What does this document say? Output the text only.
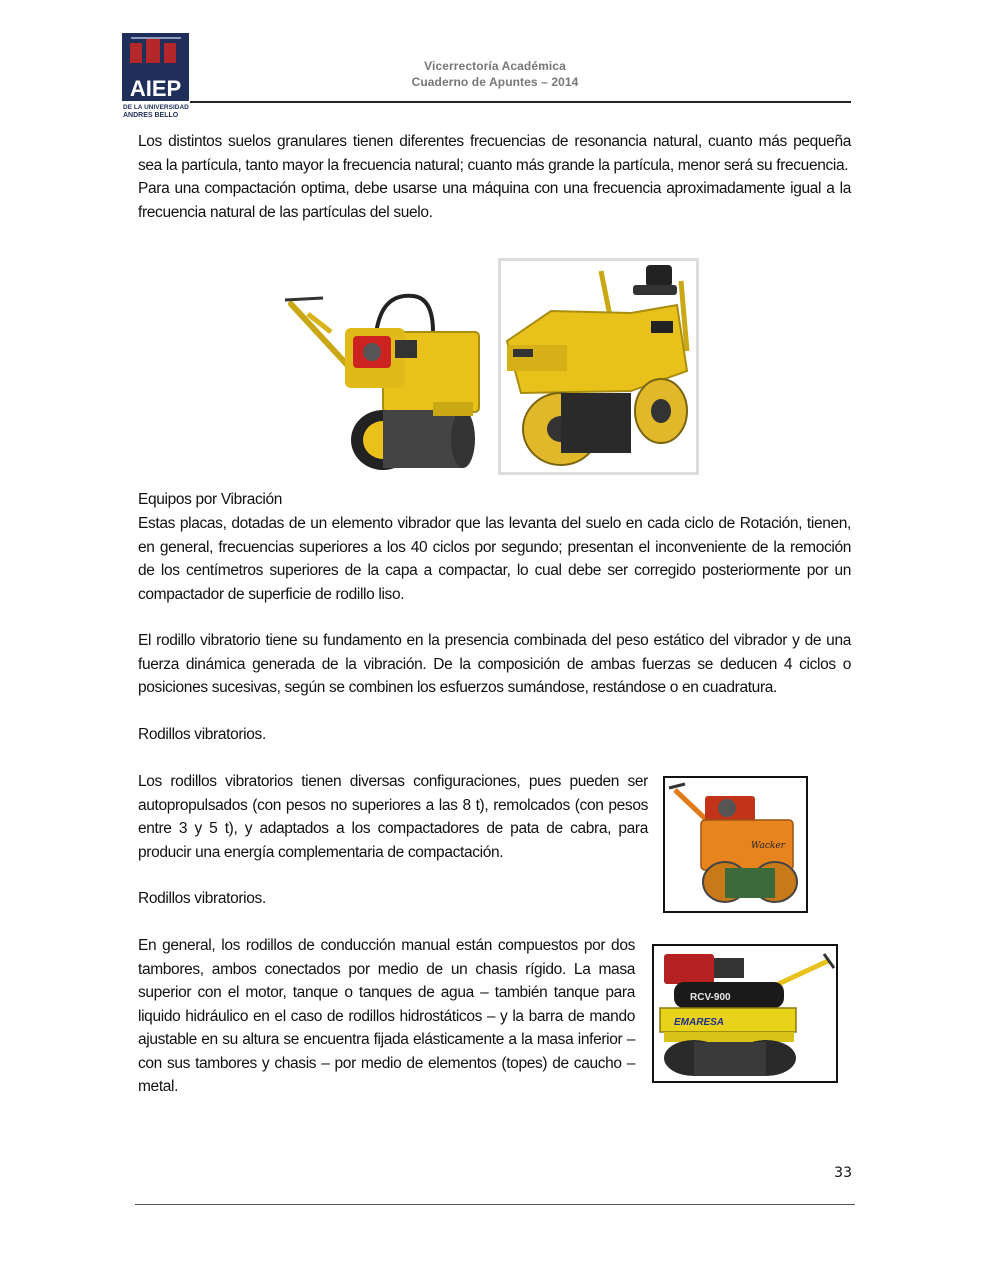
AIEP
DE LA UNIVERSIDAD
ANDRES BELLO
Vicerrectoría Académica
Cuaderno de Apuntes – 2014
Los distintos suelos granulares tienen diferentes frecuencias de resonancia natural, cuanto más pequeña sea la partícula, tanto mayor la frecuencia natural; cuanto más grande la partícula, menor será su frecuencia.
Para una compactación optima, debe usarse una máquina con una frecuencia aproximadamente igual a la frecuencia natural de las partículas del suelo.
Equipos por Vibración
Estas placas, dotadas de un elemento vibrador que las levanta del suelo en cada ciclo de Rotación, tienen, en general, frecuencias superiores a los 40 ciclos por segundo; presentan el inconveniente de la remoción de los centímetros superiores de la capa a compactar, lo cual debe ser corregido posteriormente por un compactador de superficie de rodillo liso.
El rodillo vibratorio tiene su fundamento en la presencia combinada del peso estático del vibrador y de una fuerza dinámica generada de la vibración. De la composición de ambas fuerzas se deducen 4 ciclos o posiciones sucesivas, según se combinen los esfuerzos sumándose, restándose o en cuadratura.
Rodillos vibratorios.
Los rodillos vibratorios tienen diversas configuraciones, pues pueden ser autopropulsados (con pesos no superiores a las 8 t), remolcados (con pesos entre 3 y 5 t), y adaptados a los compactadores de pata de cabra, para producir una energía complementaria de compactación.	Wacker
Rodillos vibratorios.
En general, los rodillos de conducción manual están compuestos por dos tambores, ambos conectados por medio de un chasis rígido. La masa superior con el motor, tanque o tanques de agua – también tanque para liquido hidráulico en el caso de rodillos hidrostáticos – y la barra de mando ajustable en su altura se encuentra fijada elásticamente a la masa inferior – con sus tambores y chasis – por medio de elementos (topes) de caucho – metal.
RCV-900
EMARESA
33
